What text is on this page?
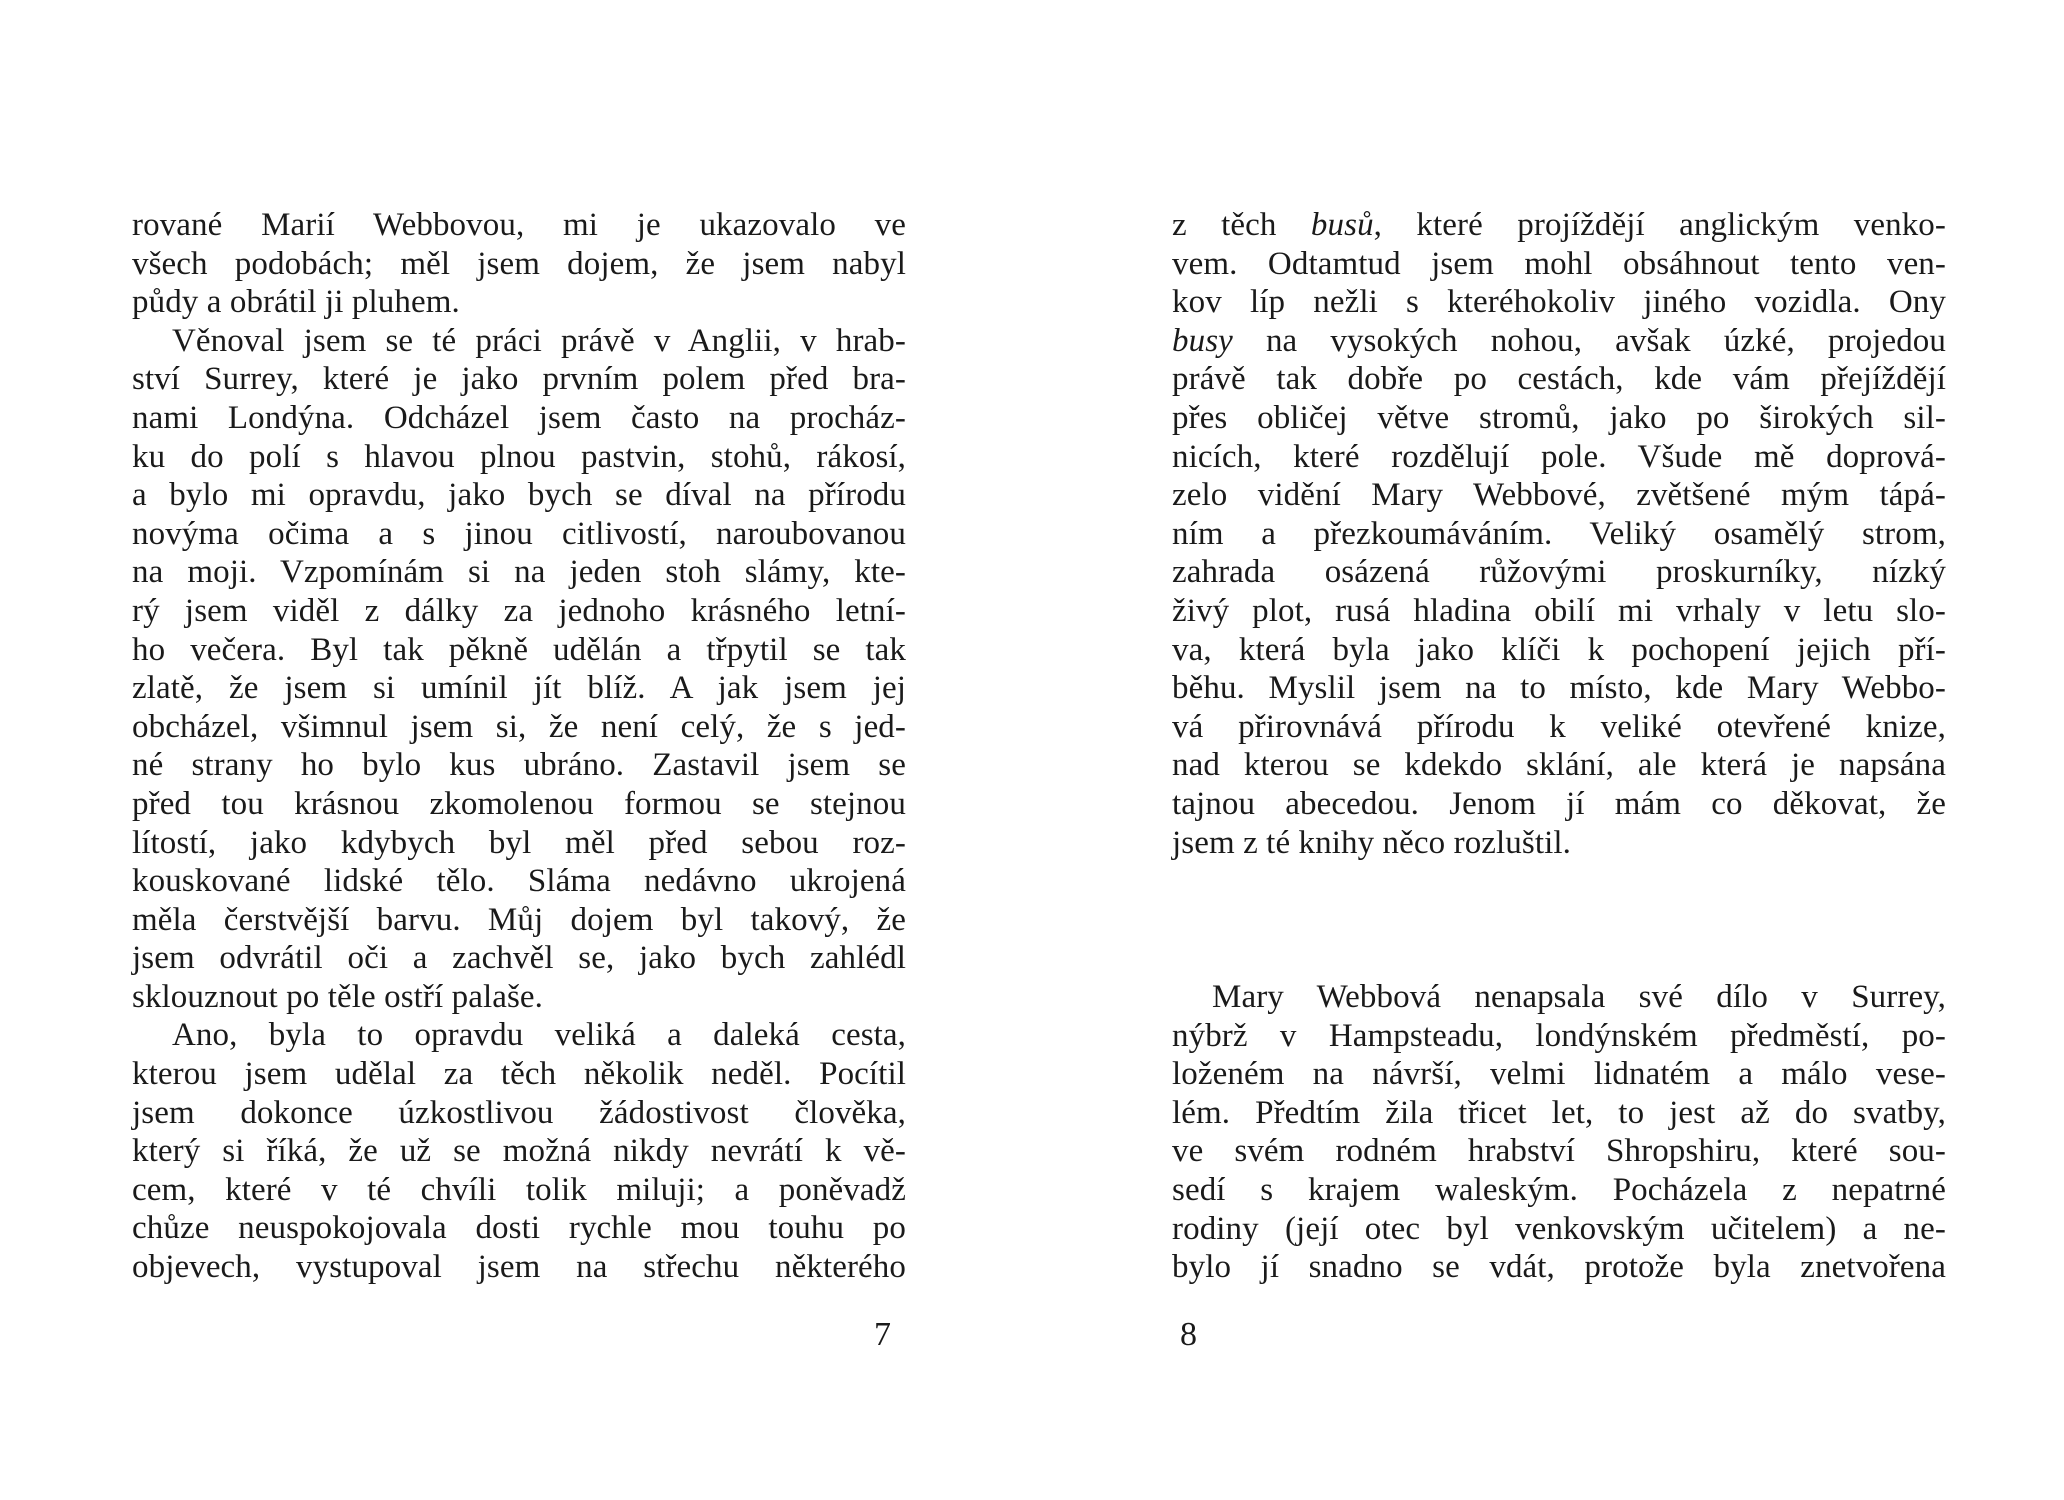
rované Marií Webbovou, mi je ukazovalo ve
všech podobách; měl jsem dojem, že jsem nabyl
půdy a obrátil ji pluhem.
Věnoval jsem se té práci právě v Anglii, v hrab-
ství Surrey, které je jako prvním polem před bra-
nami Londýna. Odcházel jsem často na procház-
ku do polí s hlavou plnou pastvin, stohů, rákosí,
a bylo mi opravdu, jako bych se díval na přírodu
novýma očima a s jinou citlivostí, naroubovanou
na moji. Vzpomínám si na jeden stoh slámy, kte-
rý jsem viděl z dálky za jednoho krásného letní-
ho večera. Byl tak pěkně udělán a třpytil se tak
zlatě, že jsem si umínil jít blíž. A jak jsem jej
obcházel, všimnul jsem si, že není celý, že s jed-
né strany ho bylo kus ubráno. Zastavil jsem se
před tou krásnou zkomolenou formou se stejnou
lítostí, jako kdybych byl měl před sebou roz-
kouskované lidské tělo. Sláma nedávno ukrojená
měla čerstvější barvu. Můj dojem byl takový, že
jsem odvrátil oči a zachvěl se, jako bych zahlédl
sklouznout po těle ostří palaše.
Ano, byla to opravdu veliká a daleká cesta,
kterou jsem udělal za těch několik neděl. Pocítil
jsem dokonce úzkostlivou žádostivost člověka,
který si říká, že už se možná nikdy nevrátí k vě-
cem, které v té chvíli tolik miluji; a poněvadž
chůze neuspokojovala dosti rychle mou touhu po
objevech, vystupoval jsem na střechu některého
7
z těch busů, které projíždějí anglickým venko-
vem. Odtamtud jsem mohl obsáhnout tento ven-
kov líp nežli s kteréhokoliv jiného vozidla. Ony
busy na vysokých nohou, avšak úzké, projedou
právě tak dobře po cestách, kde vám přejíždějí
přes obličej větve stromů, jako po širokých sil-
nicích, které rozdělují pole. Všude mě doprová-
zelo vidění Mary Webbové, zvětšené mým tápá-
ním a přezkoumáváním. Veliký osamělý strom,
zahrada osázená růžovými proskurníky, nízký
živý plot, rusá hladina obilí mi vrhaly v letu slo-
va, která byla jako klíči k pochopení jejich pří-
běhu. Myslil jsem na to místo, kde Mary Webbo-
vá přirovnává přírodu k veliké otevřené knize,
nad kterou se kdekdo sklání, ale která je napsána
tajnou abecedou. Jenom jí mám co děkovat, že
jsem z té knihy něco rozluštil.
Mary Webbová nenapsala své dílo v Surrey,
nýbrž v Hampsteadu, londýnském předměstí, po-
loženém na návrší, velmi lidnatém a málo vese-
lém. Předtím žila třicet let, to jest až do svatby,
ve svém rodném hrabství Shropshiru, které sou-
sedí s krajem waleským. Pocházela z nepatrné
rodiny (její otec byl venkovským učitelem) a ne-
bylo jí snadno se vdát, protože byla znetvořena
8
